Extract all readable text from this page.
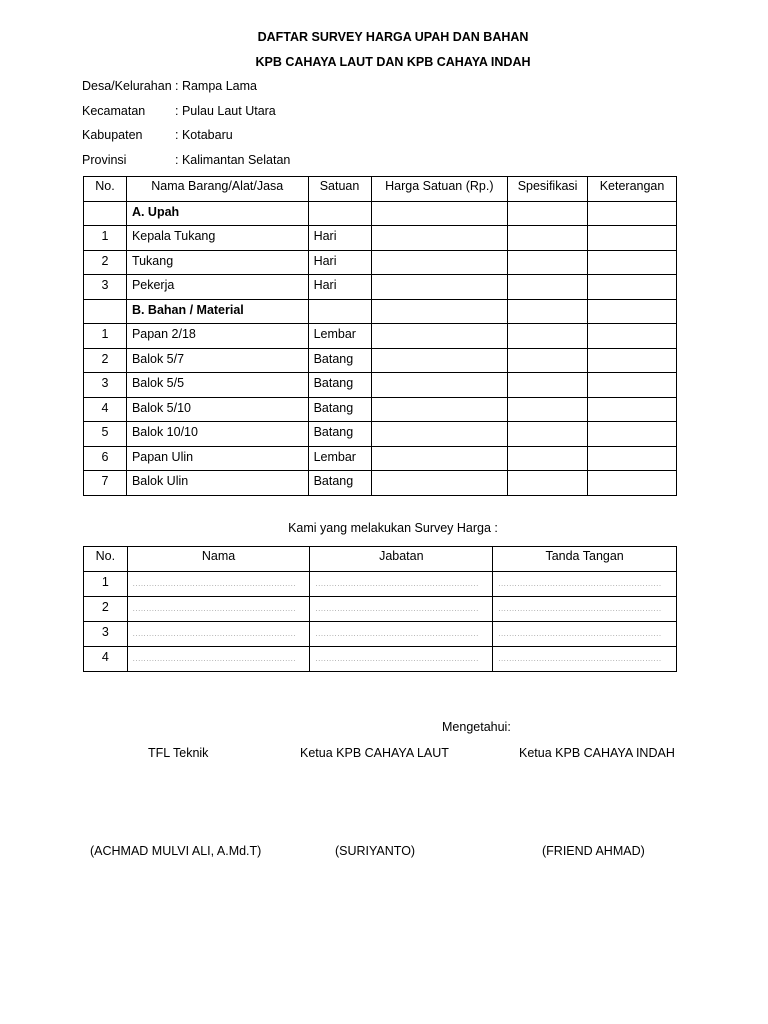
DAFTAR SURVEY HARGA UPAH DAN BAHAN
KPB CAHAYA LAUT DAN KPB CAHAYA INDAH
Desa/Kelurahan : Rampa Lama
Kecamatan : Pulau Laut Utara
Kabupaten	: Kotabaru
Provinsi	: Kalimantan Selatan
No.	Nama Barang/Alat/Jasa	Satuan	Harga Satuan (Rp.)	Spesifikasi	Keterangan
	A. Upah				
1	Kepala Tukang	Hari			
2	Tukang	Hari			
3	Pekerja	Hari			
	B. Bahan / Material				
1	Papan 2/18	Lembar			
2	Balok 5/7	Batang			
3	Balok 5/5	Batang			
4	Balok 5/10	Batang			
5	Balok 10/10	Batang			
6	Papan Ulin	Lembar			
7	Balok Ulin	Batang			
Kami yang melakukan Survey Harga :
No.	Nama	Jabatan	Tanda Tangan
1	............................................................	............................................................	............................................................

2	............................................................	............................................................	............................................................

3	............................................................	............................................................	............................................................

4	............................................................	............................................................	............................................................
Mengetahui:
TFL Teknik	Ketua KPB CAHAYA LAUT	Ketua KPB CAHAYA INDAH
(ACHMAD MULVI ALI, A.Md.T)	(SURIYANTO)	(FRIEND AHMAD)
